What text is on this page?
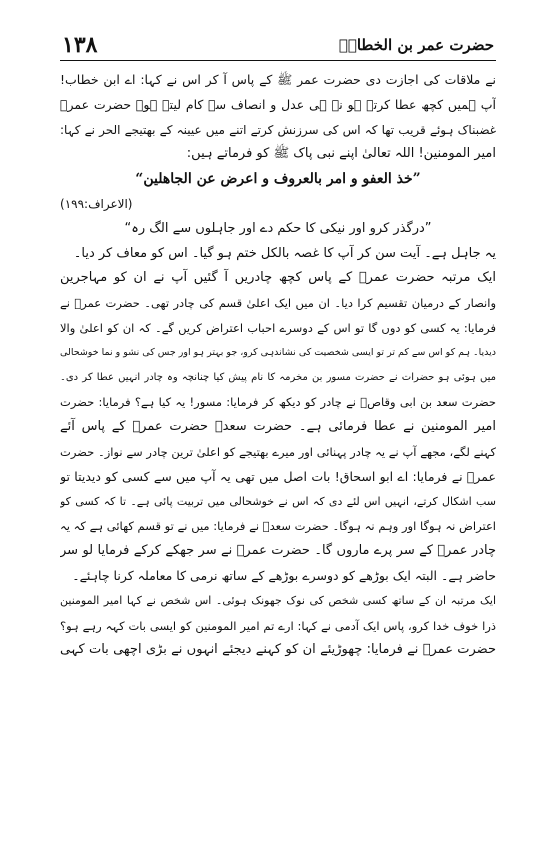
١٣٨	حضرت عمر بن الخطابؓ
نے ملاقات کی اجازت دی حضرت عمر ﷺ کے پاس آ کر اس نے کہا: اے ابن خطاب!
آپ ہمیں کچھ عطا کرتے ہو نہ ہی عدل و انصاف سے کام لیتے ہو۔ حضرت عمرؓ
غضبناک ہوئے قریب تھا کہ اس کی سرزنش کرتے اتنے میں عیینہ کے بھتیجے الحر نے کہا:
امیر المومنین! اللہ تعالیٰ اپنے نبی پاک ﷺ کو فرماتے ہیں:
”خذ العفو و امر بالعروف و اعرض عن الجاهلين“
(الاعراف:١٩٩)
”درگذر کرو اور نیکی کا حکم دے اور جاہلوں سے الگ رہ“
یہ جاہل ہے۔ آیت سن کر آپ کا غصہ بالکل ختم ہو گیا۔ اس کو معاف کر دیا۔
ایک مرتبہ حضرت عمرؓ کے پاس کچھ چادریں آ گئیں آپ نے ان کو مہاجرین
وانصار کے درمیان تقسیم کرا دیا۔ ان میں ایک اعلیٰ قسم کی چادر تھی۔ حضرت عمرؓ نے
فرمایا: یہ کسی کو دوں گا تو اس کے دوسرے احباب اعتراض کریں گے۔ کہ ان کو اعلیٰ والا
دیدیا۔ ہم کو اس سے کم تر تو ایسی شخصیت کی نشاندہی کرو، جو بہتر ہو اور جس کی نشو و نما خوشحالی
میں ہوئی ہو حضرات نے حضرت مسور بن مخرمہ کا نام پیش کیا چنانچہ وہ چادر انہیں عطا کر دی۔
حضرت سعد بن ابی وقاصؓ نے چادر کو دیکھ کر فرمایا: مسور! یہ کیا ہے؟ فرمایا: حضرت
امیر المومنین نے عطا فرمائی ہے۔ حضرت سعدؓ حضرت عمرؓ کے پاس آئے
کہنے لگے، مجھے آپ نے یہ چادر پہنائی اور میرے بھتیجے کو اعلیٰ ترین چادر سے نواز۔ حضرت
عمرؓ نے فرمایا: اے ابو اسحاق! بات اصل میں تھی یہ آپ میں سے کسی کو دیدیتا تو
سب اشکال کرتے، انہیں اس لئے دی کہ اس نے خوشحالی میں تربیت پائی ہے۔ تا کہ کسی کو
اعتراض نہ ہوگا اور وہم نہ ہوگا۔ حضرت سعدؓ نے فرمایا: میں نے تو قسم کھائی ہے کہ یہ
چادر عمرؓ کے سر پرے ماروں گا۔ حضرت عمرؓ نے سر جھکے کرکے فرمایا لو سر
حاضر ہے۔ البتہ ایک بوڑھے کو دوسرے بوڑھے کے ساتھ نرمی کا معاملہ کرنا چاہئے۔
ایک مرتبہ ان کے ساتھ کسی شخص کی نوک جھونک ہوئی۔ اس شخص نے کہا امیر المومنین
ذرا خوف خدا کرو، پاس ایک آدمی نے کہا: ارے تم امیر المومنین کو ایسی بات کہہ رہے ہو؟
حضرت عمرؓ نے فرمایا: چھوڑیئے ان کو کہنے دیجئے انہوں نے بڑی اچھی بات کہی
